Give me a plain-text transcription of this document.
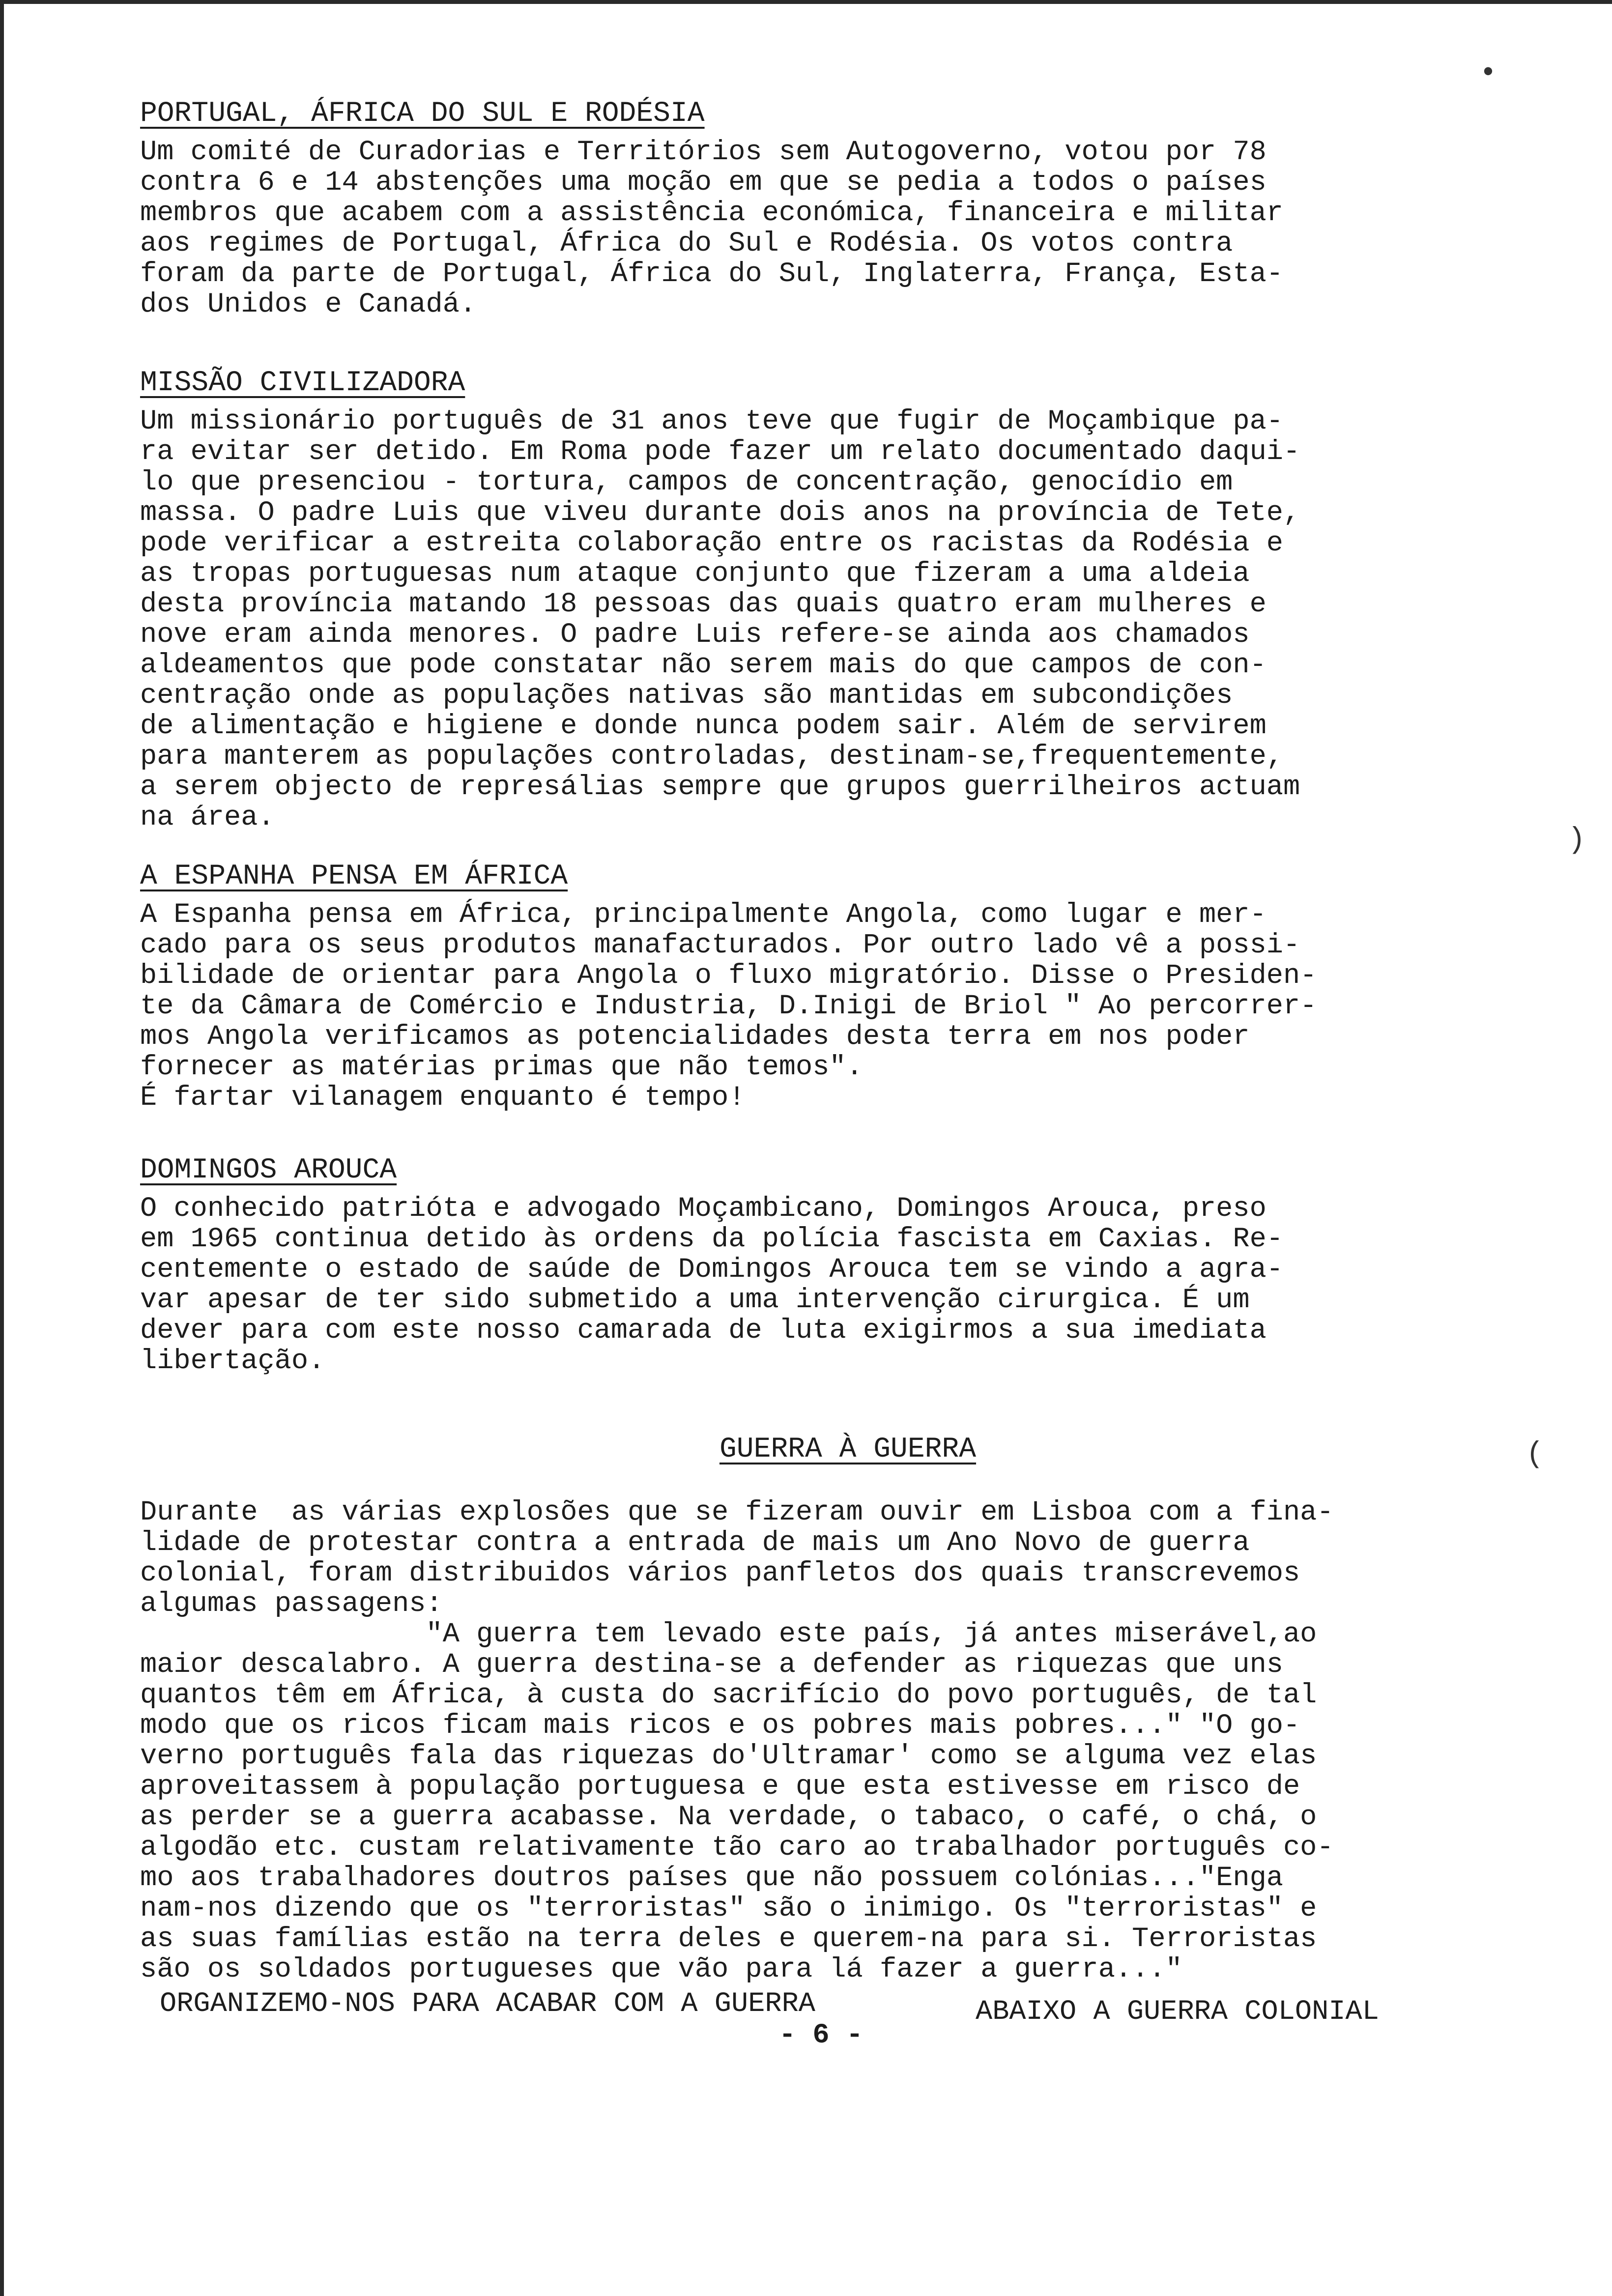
•
)
(
PORTUGAL, ÁFRICA DO SUL E RODÉSIA
Um comité de Curadorias e Territórios sem Autogoverno, votou por 78
contra 6 e 14 abstenções uma moção em que se pedia a todos o países
membros que acabem com a assistência económica, financeira e militar
aos regimes de Portugal, África do Sul e Rodésia. Os votos contra
foram da parte de Portugal, África do Sul, Inglaterra, França, Esta-
dos Unidos e Canadá.
MISSÃO CIVILIZADORA
Um missionário português de 31 anos teve que fugir de Moçambique pa-
ra evitar ser detido. Em Roma pode fazer um relato documentado daqui-
lo que presenciou - tortura, campos de concentração, genocídio em
massa. O padre Luis que viveu durante dois anos na província de Tete,
pode verificar a estreita colaboração entre os racistas da Rodésia e
as tropas portuguesas num ataque conjunto que fizeram a uma aldeia
desta província matando 18 pessoas das quais quatro eram mulheres e
nove eram ainda menores. O padre Luis refere-se ainda aos chamados
aldeamentos que pode constatar não serem mais do que campos de con-
centração onde as populações nativas são mantidas em subcondições
de alimentação e higiene e donde nunca podem sair. Além de servirem
para manterem as populações controladas, destinam-se,frequentemente,
a serem objecto de represálias sempre que grupos guerrilheiros actuam
na área.
A ESPANHA PENSA EM ÁFRICA
A Espanha pensa em África, principalmente Angola, como lugar e mer-
cado para os seus produtos manafacturados. Por outro lado vê a possi-
bilidade de orientar para Angola o fluxo migratório. Disse o Presiden-
te da Câmara de Comércio e Industria, D.Inigi de Briol " Ao percorrer-
mos Angola verificamos as potencialidades desta terra em nos poder
fornecer as matérias primas que não temos".
É fartar vilanagem enquanto é tempo!
DOMINGOS AROUCA
O conhecido patrióta e advogado Moçambicano, Domingos Arouca, preso
em 1965 continua detido às ordens da polícia fascista em Caxias. Re-
centemente o estado de saúde de Domingos Arouca tem se vindo a agra-
var apesar de ter sido submetido a uma intervenção cirurgica. É um
dever para com este nosso camarada de luta exigirmos a sua imediata
libertação.
GUERRA À GUERRA
Durante  as várias explosões que se fizeram ouvir em Lisboa com a fina-
lidade de protestar contra a entrada de mais um Ano Novo de guerra
colonial, foram distribuidos vários panfletos dos quais transcrevemos
algumas passagens:
"A guerra tem levado este país, já antes miserável,ao
maior descalabro. A guerra destina-se a defender as riquezas que uns
quantos têm em África, à custa do sacrifício do povo português, de tal
modo que os ricos ficam mais ricos e os pobres mais pobres..." "O go-
verno português fala das riquezas do'Ultramar' como se alguma vez elas
aproveitassem à população portuguesa e que esta estivesse em risco de
as perder se a guerra acabasse. Na verdade, o tabaco, o café, o chá, o
algodão etc. custam relativamente tão caro ao trabalhador português co-
mo aos trabalhadores doutros países que não possuem colónias..."Enga
nam-nos dizendo que os "terroristas" são o inimigo. Os "terroristas" e
as suas famílias estão na terra deles e querem-na para si. Terroristas
são os soldados portugueses que vão para lá fazer a guerra..."
ORGANIZEMO-NOS PARA ACABAR COM A GUERRA	ABAIXO A GUERRA COLONIAL
- 6 -
